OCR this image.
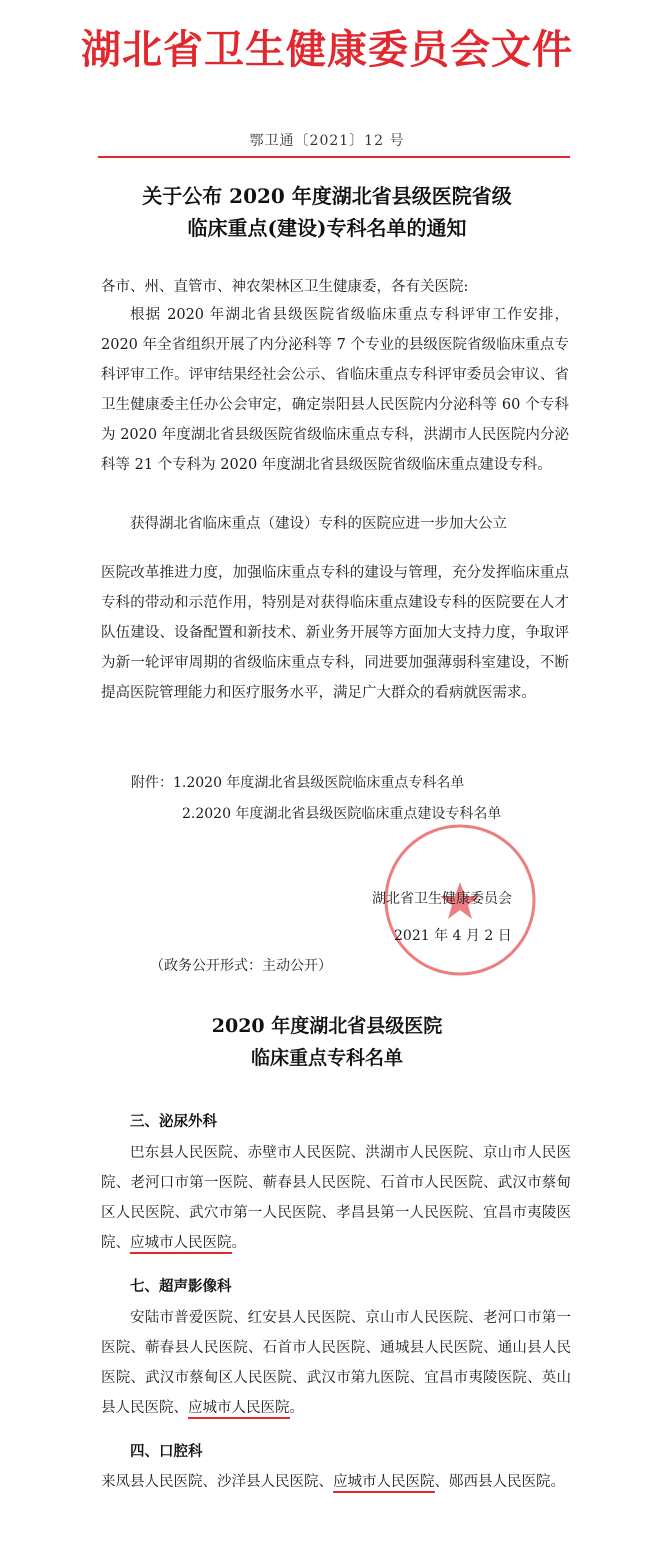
湖北省卫生健康委员会文件
鄂卫通〔2021〕12 号
关于公布 2020 年度湖北省县级医院省级
临床重点(建设)专科名单的通知

各市、州、直管市、神农架林区卫生健康委，各有关医院:

根据 2020 年湖北省县级医院省级临床重点专科评审工作安排，2020 年全省组织开展了内分泌科等 7 个专业的县级医院省级临床重点专科评审工作。评审结果经社会公示、省临床重点专科评审委员会审议、省卫生健康委主任办公会审定，确定崇阳县人民医院内分泌科等 60 个专科为 2020 年度湖北省县级医院省级临床重点专科，洪湖市人民医院内分泌科等 21 个专科为 2020 年度湖北省县级医院省级临床重点建设专科。

获得湖北省临床重点（建设）专科的医院应进一步加大公立

医院改革推进力度，加强临床重点专科的建设与管理，充分发挥临床重点专科的带动和示范作用，特别是对获得临床重点建设专科的医院要在人才队伍建设、设备配置和新技术、新业务开展等方面加大支持力度，争取评为新一轮评审周期的省级临床重点专科，同进要加强薄弱科室建设，不断提高医院管理能力和医疗服务水平，满足广大群众的看病就医需求。

附件：1.2020 年度湖北省县级医院临床重点专科名单
2.2020 年度湖北省县级医院临床重点建设专科名单
湖北省卫生健康委员会
2021 年 4 月 2 日
（政务公开形式：主动公开）
2020 年度湖北省县级医院
临床重点专科名单
三、泌尿外科

巴东县人民医院、赤壁市人民医院、洪湖市人民医院、京山市人民医院、老河口市第一医院、蕲春县人民医院、石首市人民医院、武汉市蔡甸区人民医院、武穴市第一人民医院、孝昌县第一人民医院、宜昌市夷陵医院、应城市人民医院。

七、超声影像科

安陆市普爱医院、红安县人民医院、京山市人民医院、老河口市第一医院、蕲春县人民医院、石首市人民医院、通城县人民医院、通山县人民医院、武汉市蔡甸区人民医院、武汉市第九医院、宜昌市夷陵医院、英山县人民医院、应城市人民医院。

四、口腔科

来凤县人民医院、沙洋县人民医院、应城市人民医院、郧西县人民医院。
